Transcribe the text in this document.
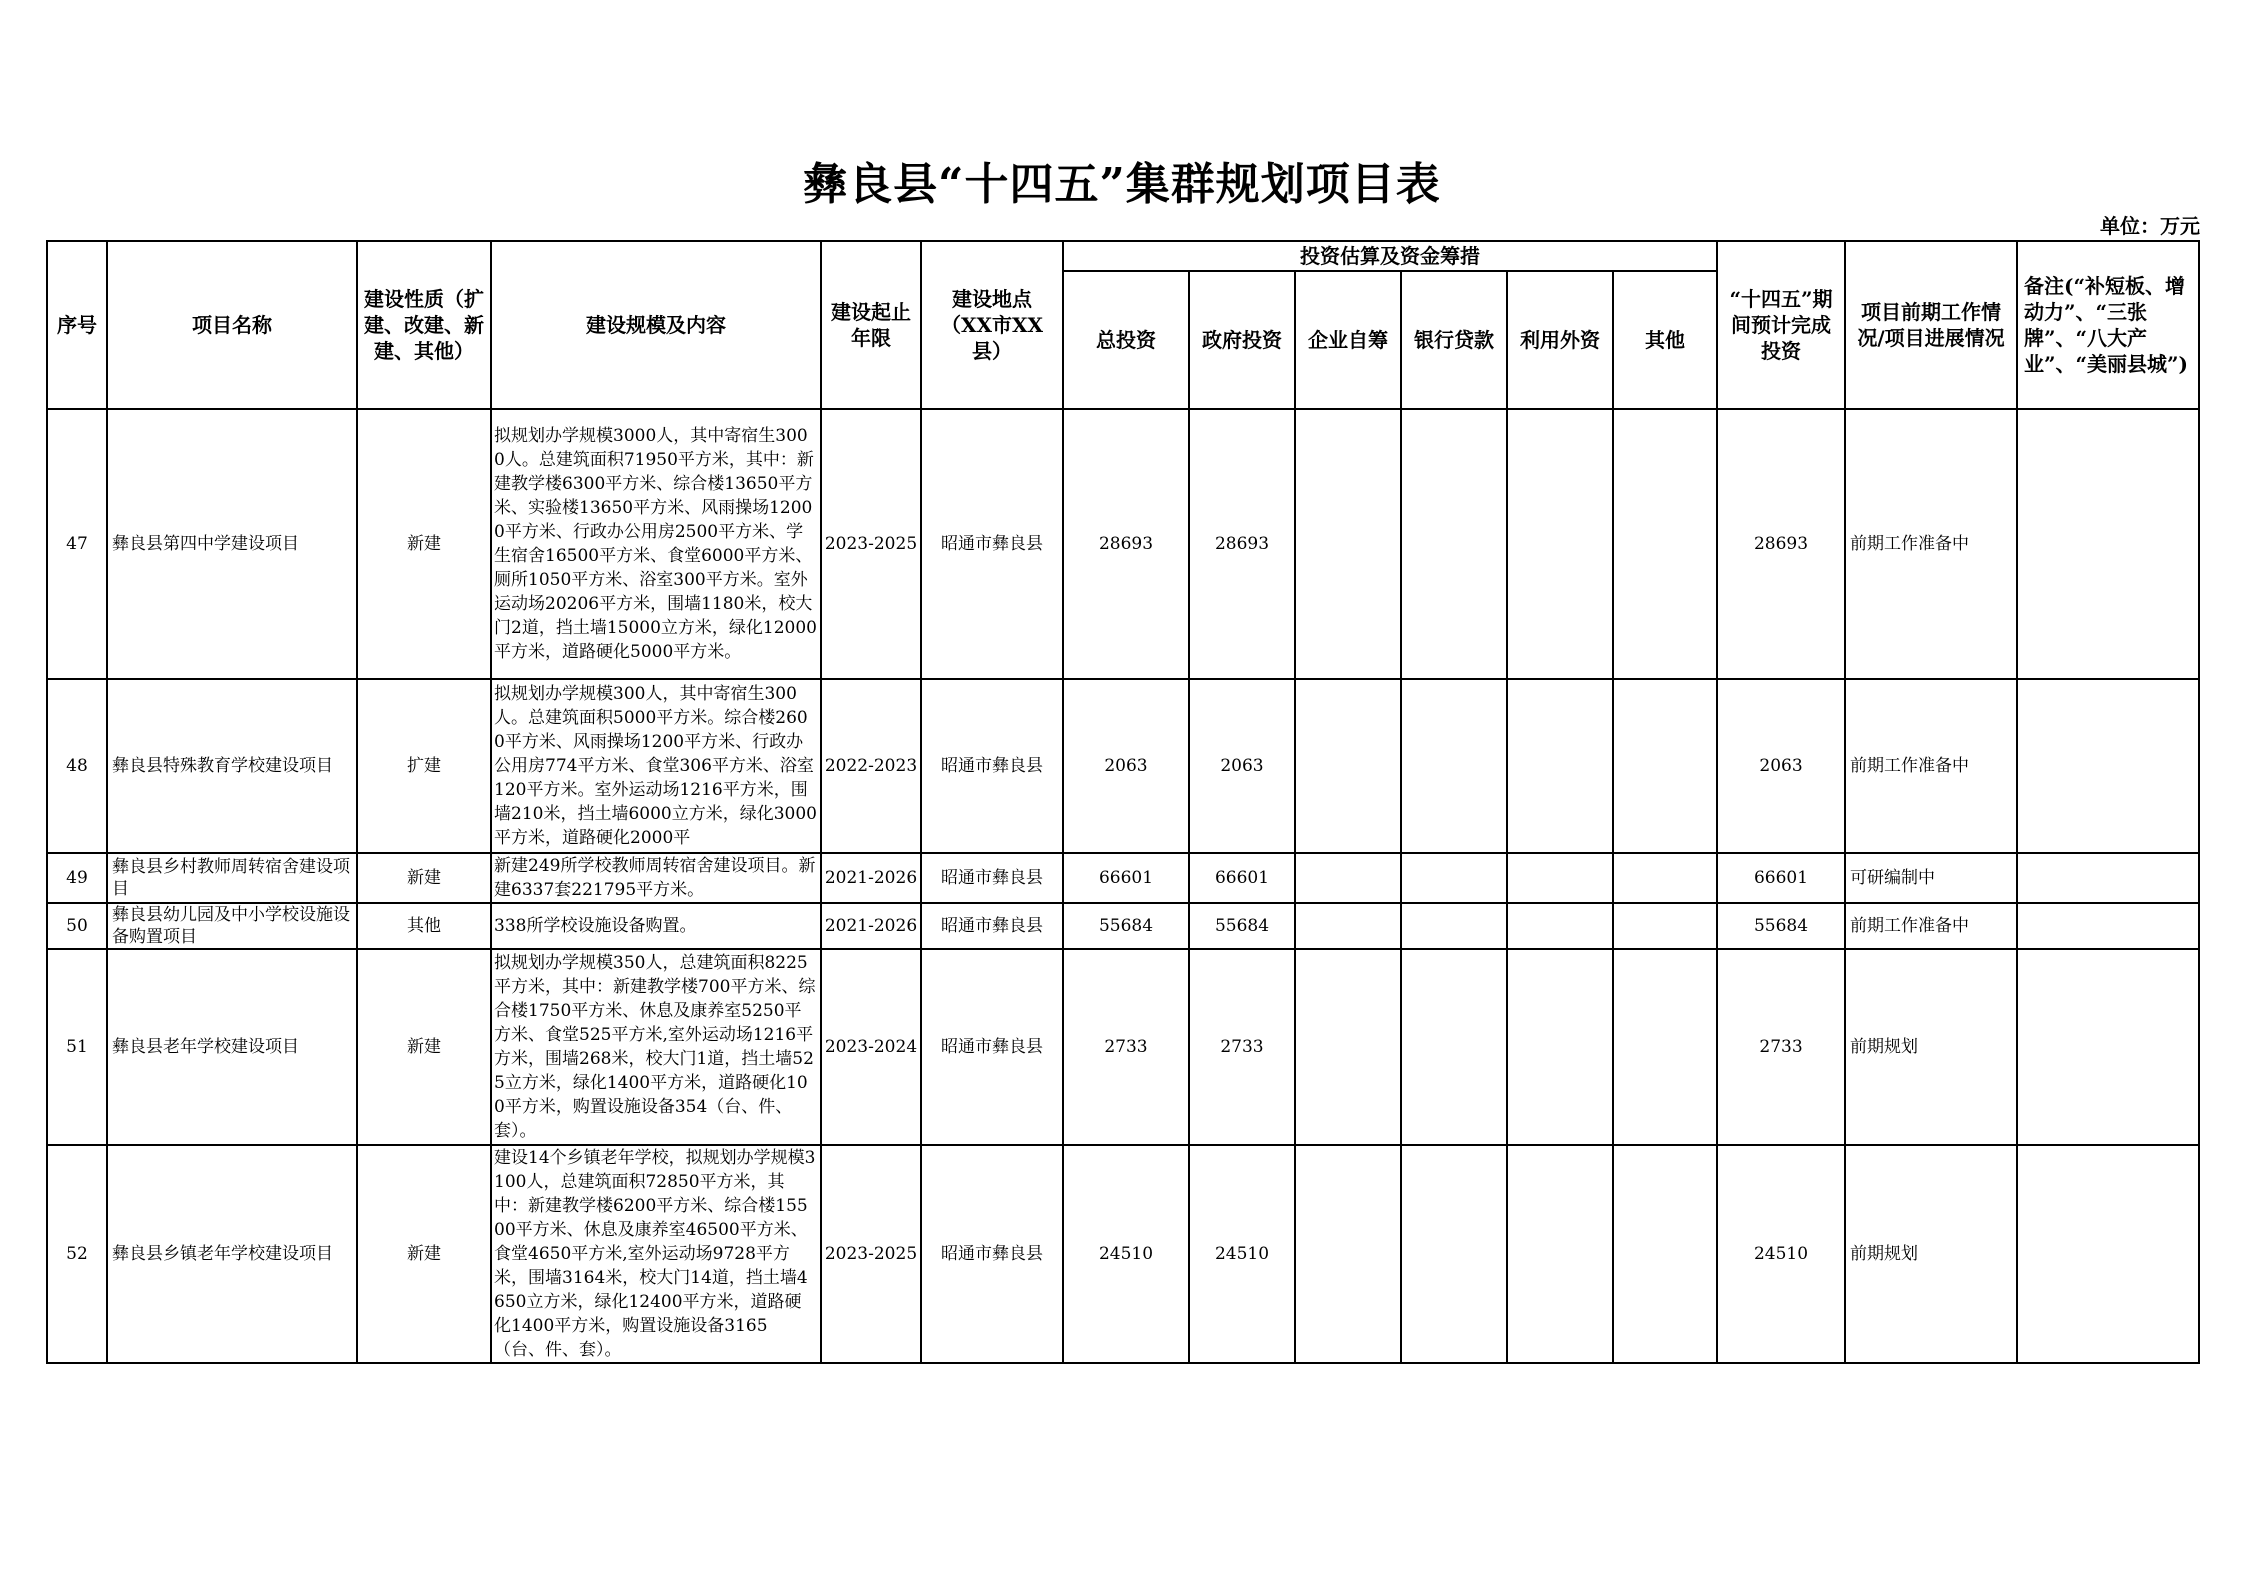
彝良县“十四五”集群规划项目表
单位：万元
序号	项目名称	建设性质（扩建、改建、新建、其他）	建设规模及内容	建设起止年限	建设地点（XX市XX县）	投资估算及资金筹措						“十四五”期间预计完成投资	项目前期工作情况/项目进展情况	备注(“补短板、增动力”、“三张牌”、“八大产业”、“美丽县城”)
						总投资	政府投资	企业自筹	银行贷款	利用外资	其他			
47	彝良县第四中学建设项目	新建	拟规划办学规模3000人，其中寄宿生3000人。总建筑面积71950平方米，其中：新建教学楼6300平方米、综合楼13650平方米、实验楼13650平方米、风雨操场12000平方米、行政办公用房2500平方米、学生宿舍16500平方米、食堂6000平方米、厕所1050平方米、浴室300平方米。室外运动场20206平方米，围墙1180米，校大门2道，挡土墙15000立方米，绿化12000平方米，道路硬化5000平方米。	2023-2025	昭通市彝良县	28693	28693					28693	前期工作准备中	
48	彝良县特殊教育学校建设项目	扩建	拟规划办学规模300人，其中寄宿生300人。总建筑面积5000平方米。综合楼2600平方米、风雨操场1200平方米、行政办公用房774平方米、食堂306平方米、浴室120平方米。室外运动场1216平方米，围墙210米，挡土墙6000立方米，绿化3000平方米，道路硬化2000平	2022-2023	昭通市彝良县	2063	2063					2063	前期工作准备中	
49	彝良县乡村教师周转宿舍建设项目	新建	新建249所学校教师周转宿舍建设项目。新建6337套221795平方米。	2021-2026	昭通市彝良县	66601	66601					66601	可研编制中	
50	彝良县幼儿园及中小学校设施设备购置项目	其他	338所学校设施设备购置。	2021-2026	昭通市彝良县	55684	55684					55684	前期工作准备中	
51	彝良县老年学校建设项目	新建	拟规划办学规模350人，总建筑面积8225平方米，其中：新建教学楼700平方米、综合楼1750平方米、休息及康养室5250平方米、食堂525平方米,室外运动场1216平方米，围墙268米，校大门1道，挡土墙525立方米，绿化1400平方米，道路硬化100平方米，购置设施设备354（台、件、套）。	2023-2024	昭通市彝良县	2733	2733					2733	前期规划	
52	彝良县乡镇老年学校建设项目	新建	建设14个乡镇老年学校，拟规划办学规模3100人，总建筑面积72850平方米，其中：新建教学楼6200平方米、综合楼15500平方米、休息及康养室46500平方米、食堂4650平方米,室外运动场9728平方米，围墙3164米，校大门14道，挡土墙4650立方米，绿化12400平方米，道路硬化1400平方米，购置设施设备3165（台、件、套）。	2023-2025	昭通市彝良县	24510	24510					24510	前期规划	
